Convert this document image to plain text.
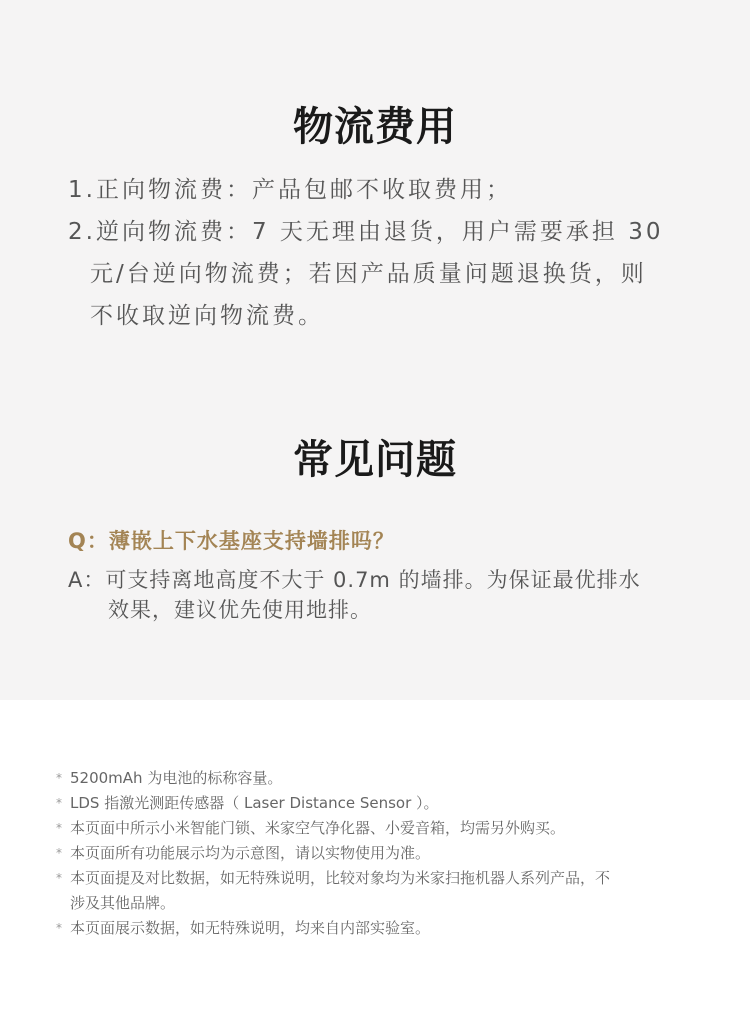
物流费用
1.正向物流费：产品包邮不收取费用；
2.逆向物流费：7 天无理由退货，用户需要承担 30
元/台逆向物流费；若因产品质量问题退换货，则
不收取逆向物流费。
常见问题
Q：薄嵌上下水基座支持墙排吗？
A：可支持离地高度不大于 0.7m 的墙排。为保证最优排水
效果，建议优先使用地排。
* 5200mAh 为电池的标称容量。
* LDS 指激光测距传感器（ Laser Distance Sensor ）。
* 本页面中所示小米智能门锁、米家空气净化器、小爱音箱，均需另外购买。
* 本页面所有功能展示均为示意图，请以实物使用为准。
* 本页面提及对比数据，如无特殊说明，比较对象均为米家扫拖机器人系列产品，不
涉及其他品牌。
* 本页面展示数据，如无特殊说明，均来自内部实验室。
